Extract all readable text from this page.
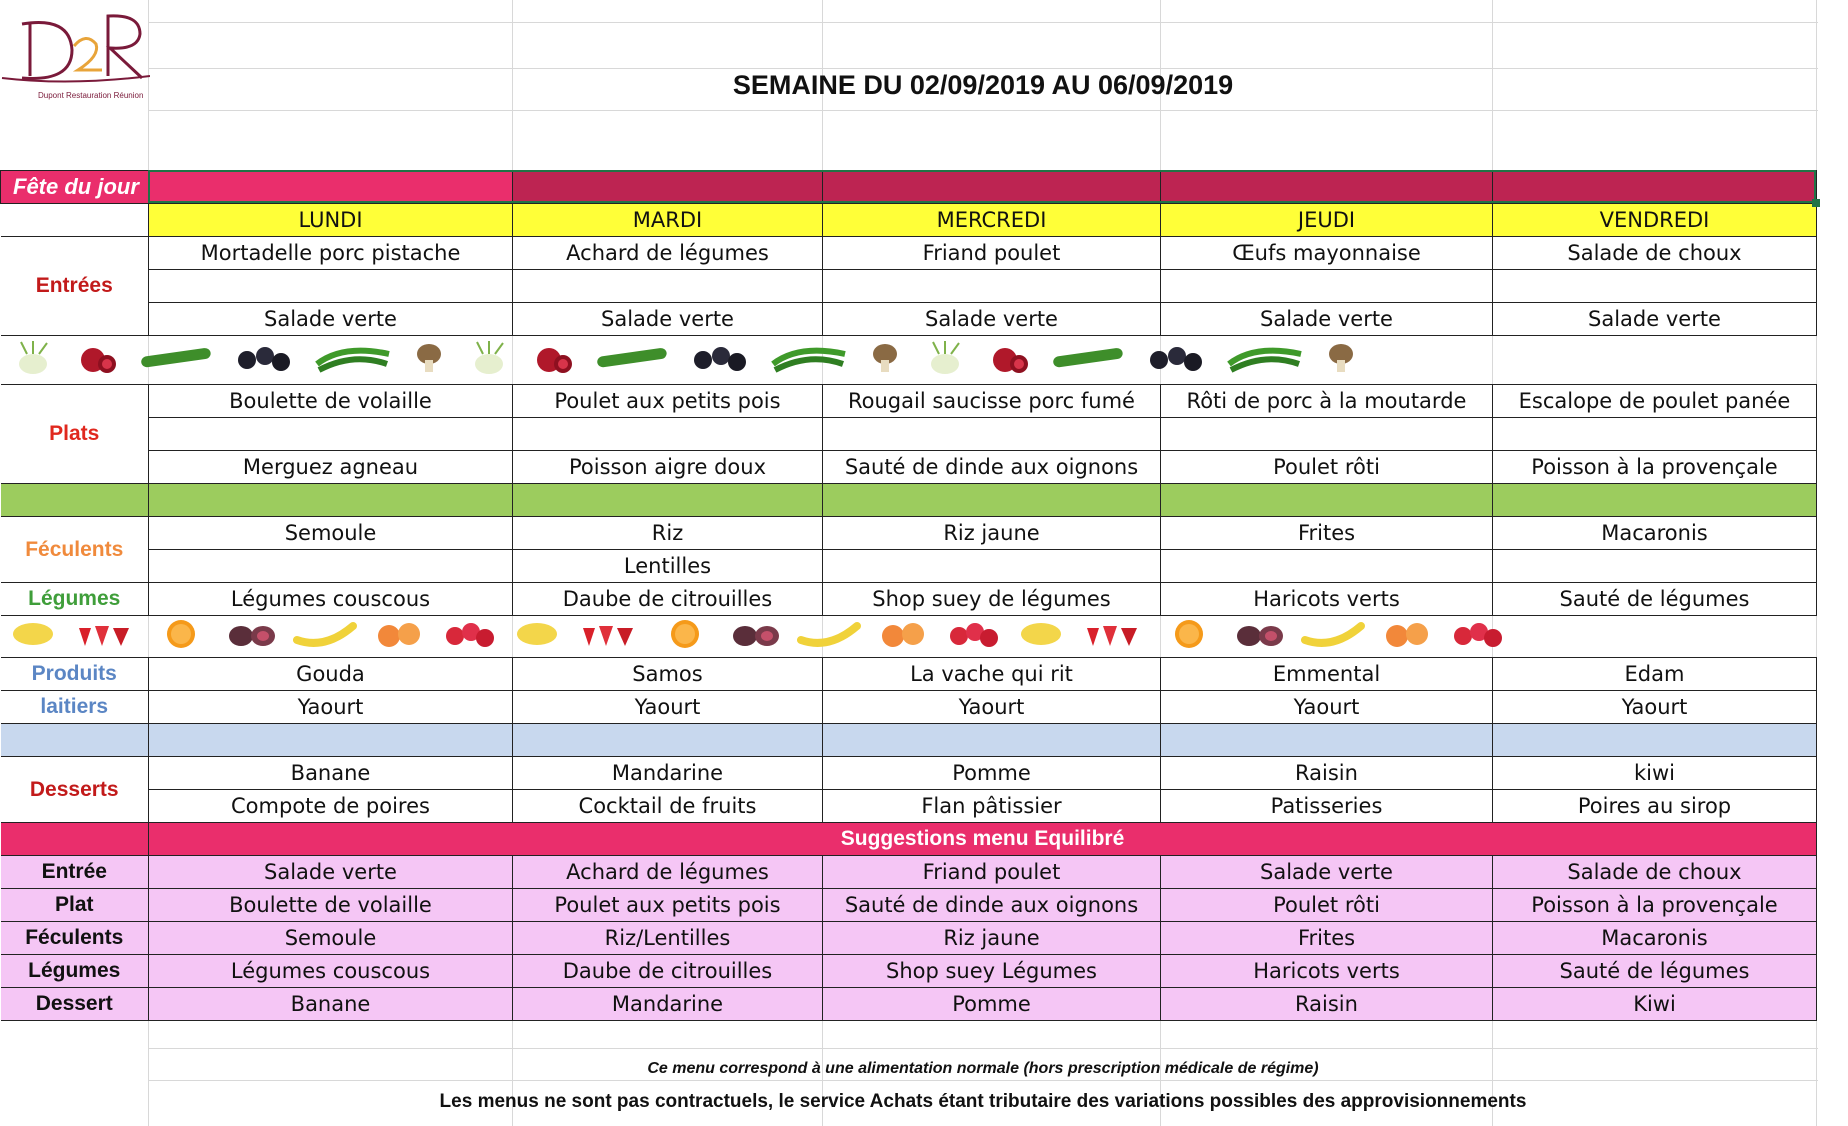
Dupont Restauration Réunion	SEMAINE DU 02/09/2019 AU 06/09/2019
Fête du jour					
	LUNDI	MARDI	MERCREDI	JEUDI	VENDREDI
Entrées	Mortadelle porc pistache	Achard de légumes	Friand poulet	Œufs mayonnaise	Salade de choux

	Salade verte	Salade verte	Salade verte	Salade verte	Salade verte

Plats	Boulette de volaille	Poulet aux petits pois	Rougail saucisse porc fumé	Rôti de porc à la moutarde	Escalope de poulet panée

	Merguez agneau	Poisson aigre doux	Sauté de dinde aux oignons	Poulet rôti	Poisson à la provençale

Féculents	Semoule	Riz	Riz jaune	Frites	Macaronis
		Lentilles			
Légumes	Légumes couscous	Daube de citrouilles	Shop suey de légumes	Haricots verts	Sauté de légumes

Produits	Gouda	Samos	La vache qui rit	Emmental	Edam
laitiers	Yaourt	Yaourt	Yaourt	Yaourt	Yaourt

Desserts	Banane	Mandarine	Pomme	Raisin	kiwi
	Compote de poires	Cocktail de fruits	Flan pâtissier	Patisseries	Poires au sirop
	Suggestions menu Equilibré				
Entrée	Salade verte	Achard de légumes	Friand poulet	Salade verte	Salade de choux
Plat	Boulette de volaille	Poulet aux petits pois	Sauté de dinde aux oignons	Poulet rôti	Poisson à la provençale
Féculents	Semoule	Riz/Lentilles	Riz jaune	Frites	Macaronis
Légumes	Légumes couscous	Daube de citrouilles	Shop suey Légumes	Haricots verts	Sauté de légumes
Dessert	Banane	Mandarine	Pomme	Raisin	Kiwi
Ce menu correspond à une alimentation normale (hors prescription médicale de régime)
Les menus ne sont pas contractuels, le service Achats étant tributaire des variations possibles des approvisionnements
